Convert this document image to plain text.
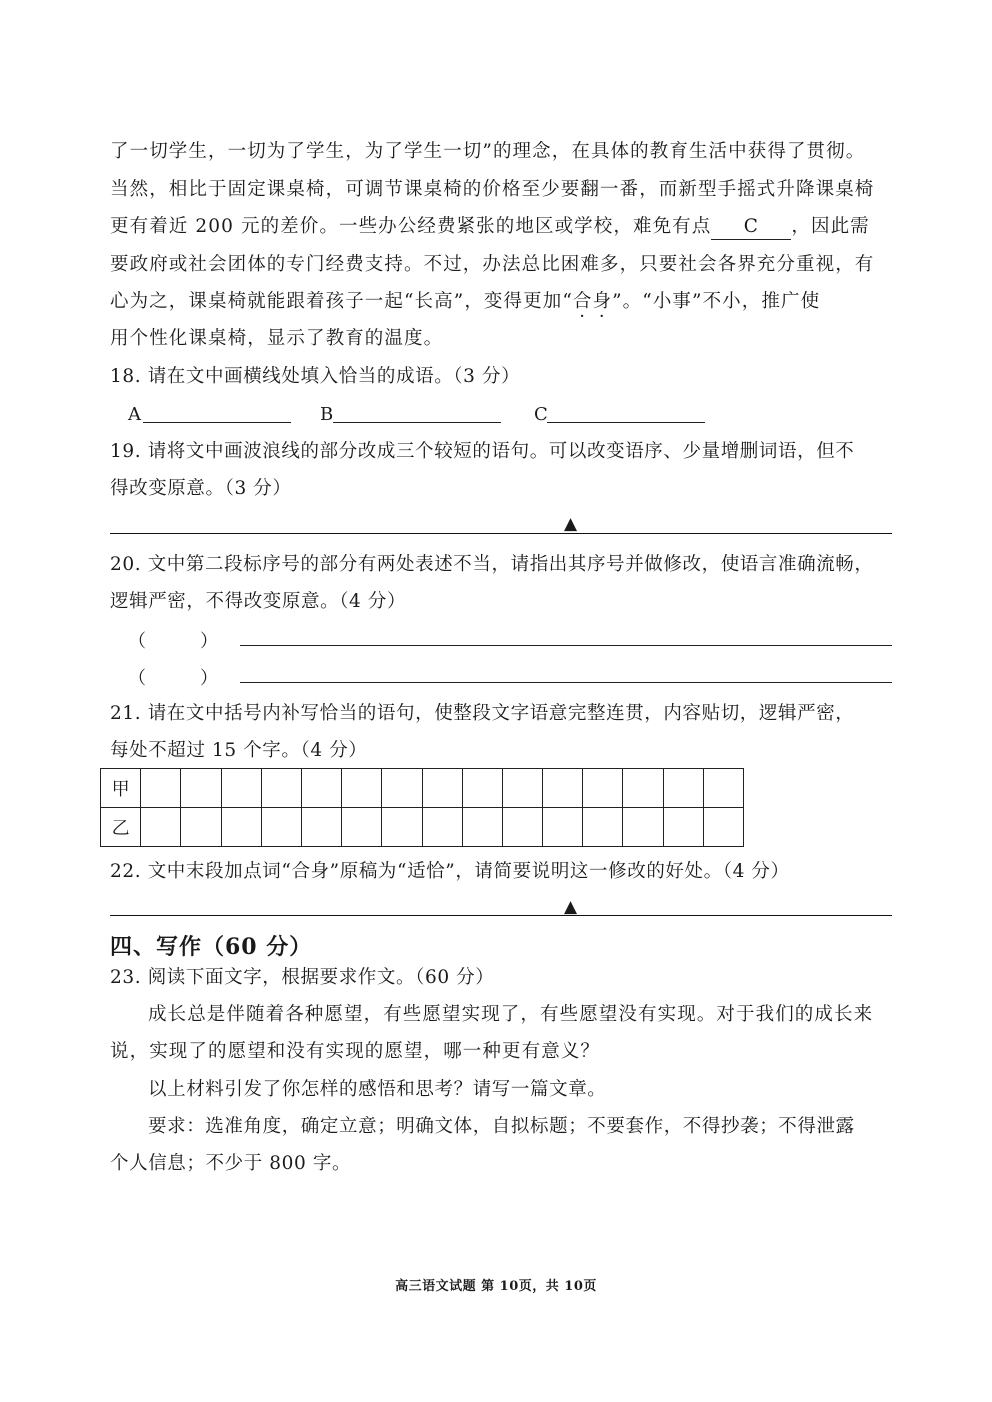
了一切学生，一切为了学生，为了学生一切”的理念，在具体的教育生活中获得了贯彻。
当然，相比于固定课桌椅，可调节课桌椅的价格至少要翻一番，而新型手摇式升降课桌椅
更有着近 200 元的差价。一些办公经费紧张的地区或学校，难免有点 C ，因此需
要政府或社会团体的专门经费支持。不过，办法总比困难多，只要社会各界充分重视，有
心为之，课桌椅就能跟着孩子一起“长高”，变得更加“合身”。“小事”不小，推广使
用个性化课桌椅，显示了教育的温度。
18. 请在文中画横线处填入恰当的成语。（3 分）
A	B	C
19. 请将文中画波浪线的部分改成三个较短的语句。可以改变语序、少量增删词语，但不
得改变原意。（3 分）
▲
20. 文中第二段标序号的部分有两处表述不当，请指出其序号并做修改，使语言准确流畅，
逻辑严密，不得改变原意。（4 分）
（　　　）
（　　　）
21. 请在文中括号内补写恰当的语句，使整段文字语意完整连贯，内容贴切，逻辑严密，
每处不超过 15 个字。（4 分）
甲															
乙															
22. 文中末段加点词“合身”原稿为“适恰”，请简要说明这一修改的好处。（4 分）
▲
四、写作（60 分）
23. 阅读下面文字，根据要求作文。（60 分）
成长总是伴随着各种愿望，有些愿望实现了，有些愿望没有实现。对于我们的成长来
说，实现了的愿望和没有实现的愿望，哪一种更有意义？
以上材料引发了你怎样的感悟和思考？请写一篇文章。
要求：选准角度，确定立意；明确文体，自拟标题；不要套作，不得抄袭；不得泄露
个人信息；不少于 800 字。
高三语文试题 第 10页，共 10页
